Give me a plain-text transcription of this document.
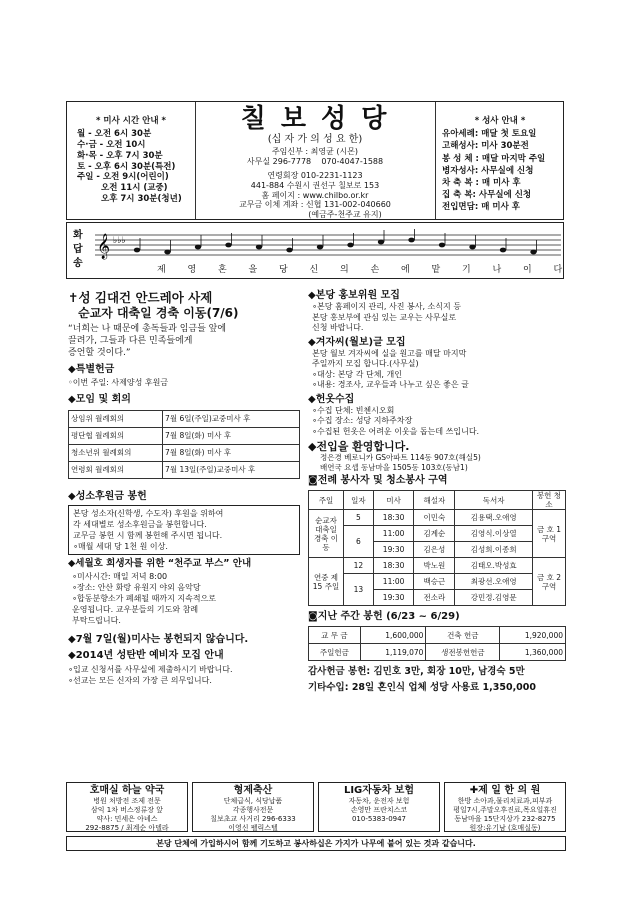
* 미사 시간 안내 *
월 - 오전 6시 30분
수·금 - 오전 10시
화·목 - 오후 7시 30분
토 - 오후 6시 30분(특전)
주일 - 오전 9시(어린이)
오전 11시 (교중)
오후 7시 30분(청년)
칠 보 성 당
(십 자 가 의 성 요 한)
주임신부 : 최영균 (시몬)
사무실 296-7778 070-4047-1588
연령회장 010-2231-1123
441-884 수원시 권선구 칠보로 153
홈 페이지 : www.chilbo.or.kr
교무금 이체 계좌 : 신협 131-002-040660
(예금주-천주교 유지)
* 성사 안내 *
유아세례: 매달 첫 토요일
고해성사: 미사 30분전
봉 성 체 : 매달 마지막 주일
병자성사: 사무실에 신청
차 축 복 : 매 미사 후
집 축 복: 사무실에 신청
전입면담: 매 미사 후
화
답
송
𝄞 ♭♭♭
제 영 혼 을 당 신 의 손 에 맡 기 나 이 다
✝성 김대건 안드레아 사제
순교자 대축일 경축 이동(7/6)
“너희는 나 때문에 총독들과 임금들 앞에
끌려가, 그들과 다른 민족들에게
증언할 것이다.”
◆특별헌금
◦이번 주일: 사제양성 후원금
◆모임 및 회의
상임위 월례회의	7월 6일(주일)교중미사 후
평단협 월례회의	7월 8일(화) 미사 후
청소년위 월례회의	7월 8일(화) 미사 후
연령회 월례회의	7월 13일(주일)교중미사 후
◆성소후원금 봉헌
본당 성소자(신학생, 수도자) 후원을 위하여
각 세대별로 성소후원금을 봉헌합니다.
교무금 봉헌 시 함께 봉헌해 주시면 됩니다.
∘매월 세대 당 1천 원 이상.
◆세월호 희생자를 위한 “천주교 부스” 안내
∘미사시간: 매일 저녁 8:00
∘장소: 안산 화랑 유원지 야외 음악당
∘합동분향소가 폐쇄될 때까지 지속적으로
운영됩니다. 교우분들의 기도와 참례
부탁드립니다.
◆7월 7일(월)미사는 봉헌되지 않습니다.
◆2014년 성탄반 예비자 모집 안내
∘입교 신청서를 사무실에 제출하시기 바랍니다.
∘선교는 모든 신자의 가장 큰 의무입니다.
◆본당 홍보위원 모집
∘본당 홈페이지 관리, 사진 봉사, 소식지 등
본당 홍보부에 관심 있는 교우는 사무실로
신청 바랍니다.
◆겨자씨(월보)글 모집
본당 월보 겨자씨에 실을 원고를 매달 마지막
주일까지 모집 합니다.(사무실)
∘대상: 본당 각 단체, 개인
∘내용: 경조사, 교우들과 나누고 싶은 좋은 글
◆헌옷수집
∘수집 단체: 빈첸시오회
∘수집 장소: 성당 지하주차장
∘수집된 헌옷은 어려운 이웃을 돕는데 쓰입니다.
◆전입을 환영합니다.
정은경 베로니카 GS아파트 114동 907호(해실5)
배연국 요셉 동남마을 1505동 103호(동남1)
◙전례 봉사자 및 청소봉사 구역
주일	일자	미사	해설자	독서자	봉헌 청소
순교자 대축일 경축 이동	5	18:30	이민숙	김용택.오애영	금 호 1구역
	6	11:00	김계순	김영식.이상열	
		19:30	김은성	김성희.이종희	
연중 제15 주일	12	18:30	박노원	김태오.박성효	금 호 2구역
	13	11:00	백승근	최광선.오애영	
		19:30	전소라	강민정.김영문	
◙지난 주간 봉헌 (6/23 ~ 6/29)
교 무 금	1,600,000	건축 헌금	1,920,000
주일헌금	1,119,070	생전봉헌헌금	1,360,000
감사헌금 봉헌: 김민호 3만, 회장 10만, 남경숙 5만
기타수입: 28일 혼인식 업체 성당 사용료 1,350,000
호매실 하늘 약국
병원 처방전 조제 전문
삼익 1차 버스정류장 앞
약사: 민세은 아녜스
292-8875 / 최계순 아델라
형제축산
단체급식, 식당납품
각종행사전문
칠보초교 사거리 296-6333
이영신 펠릭스텔
LIG자동차 보험
자동차, 운전자 보험
손영만 프란치스코
010-5383-0947
✚제 일 한 의 원
한방 소아과,물리치료과,피부과
평일7시,주말오후진료,목요일휴진
동남마을 15단지상가 232-8275
원장:유기남 (호매실동)
본당 단체에 가입하시어 함께 기도하고 봉사하십은 가지가 나무에 붙어 있는 것과 같습니다.
